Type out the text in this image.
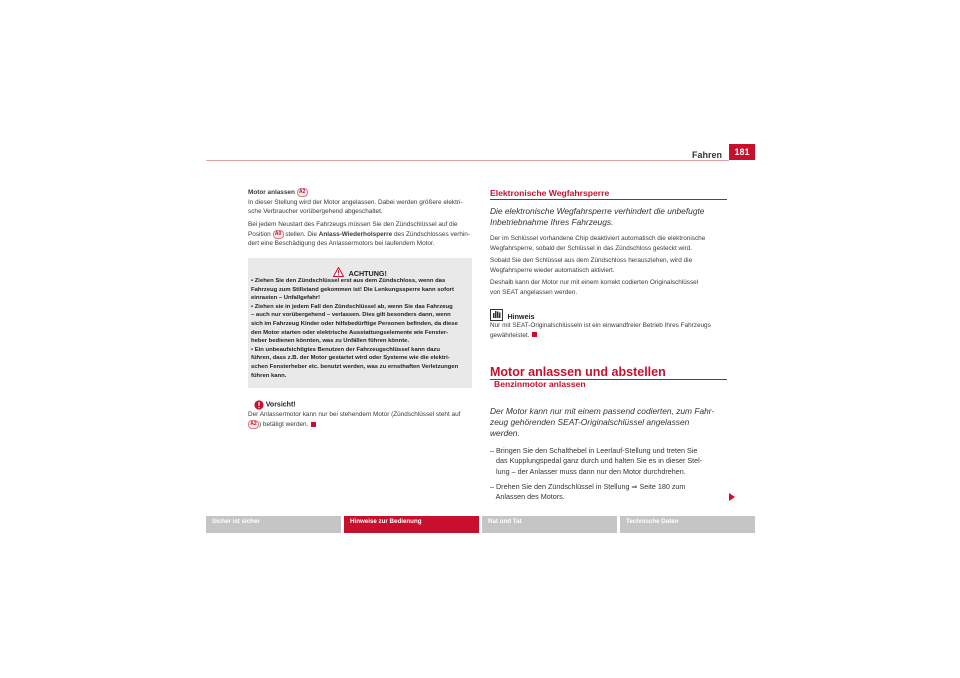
Fahren	181
Motor anlassen A2
In dieser Stellung wird der Motor angelassen. Dabei werden größere elektri-
sche Verbraucher vorübergehend abgeschaltet.
Bei jedem Neustart des Fahrzeugs müssen Sie den Zündschlüssel auf die
Position A0 stellen. Die Anlass-Wiederholsperre des Zündschlosses verhin-
dert eine Beschädigung des Anlassermotors bei laufendem Motor.
ACHTUNG!
• Ziehen Sie den Zündschlüssel erst aus dem Zündschloss, wenn das
Fahrzeug zum Stillstand gekommen ist! Die Lenkungssperre kann sofort
einrasten – Unfallgefahr!
• Ziehen sie in jedem Fall den Zündschlüssel ab, wenn Sie das Fahrzeug
– auch nur vorübergehend – verlassen. Dies gilt besonders dann, wenn
sich im Fahrzeug Kinder oder hilfsbedürftige Personen befinden, da diese
den Motor starten oder elektrische Ausstattungselemente wie Fenster-
heber bedienen könnten, was zu Unfällen führen könnte.
• Ein unbeaufsichtigtes Benutzen der Fahrzeugschlüssel kann dazu
führen, dass z.B. der Motor gestartet wird oder Systeme wie die elektri-
schen Fensterheber etc. benutzt werden, was zu ernsthaften Verletzungen
führen kann.
Vorsicht!
Der Anlassermotor kann nur bei stehendem Motor (Zündschlüssel steht auf
A2 ) betätigt werden.
Elektronische Wegfahrsperre
Die elektronische Wegfahrsperre verhindert die unbefugte
Inbetriebnahme Ihres Fahrzeugs.
Der im Schlüssel vorhandene Chip deaktiviert automatisch die elektronische
Wegfahrsperre, sobald der Schlüssel in das Zündschloss gesteckt wird.
Sobald Sie den Schlüssel aus dem Zündschloss herausziehen, wird die
Wegfahrsperre wieder automatisch aktiviert.
Deshalb kann der Motor nur mit einem korrekt codierten Originalschlüssel
von SEAT angelassen werden.
Hinweis
Nur mit SEAT-Originalschlüsseln ist ein einwandfreier Betrieb Ihres Fahrzeugs
gewährleistet.
Motor anlassen und abstellen
Benzinmotor anlassen
Der Motor kann nur mit einem passend codierten, zum Fahr-
zeug gehörenden SEAT-Originalschlüssel angelassen
werden.
– Bringen Sie den Schalthebel in Leerlauf-Stellung und treten Sie
das Kupplungspedal ganz durch und halten Sie es in dieser Stel-
lung – der Anlasser muss dann nur den Motor durchdrehen.
– Drehen Sie den Zündschlüssel in Stellung ⇒ Seite 180 zum
Anlassen des Motors.
Sicher ist sicher	Hinweise zur Bedienung	Rat und Tat	Technische Daten
